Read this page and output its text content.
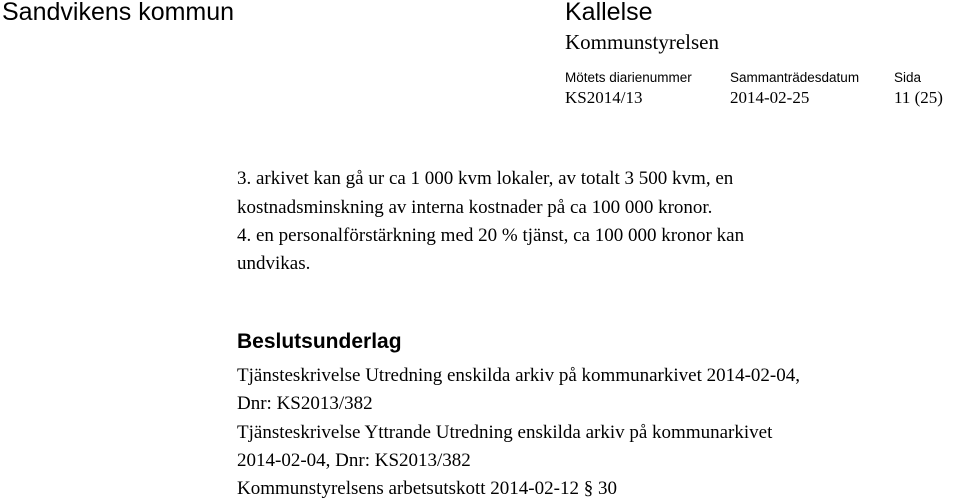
Sandvikens kommun	Kallelse
Kommunstyrelsen
Mötets diarienummer	Sammanträdesdatum	Sida
KS2014/13	2014-02-25	11 (25)
3. arkivet kan gå ur ca 1 000 kvm lokaler, av totalt 3 500 kvm, en
kostnadsminskning av interna kostnader på ca 100 000 kronor.
4. en personalförstärkning med 20 % tjänst, ca 100 000 kronor kan
undvikas.
Beslutsunderlag
Tjänsteskrivelse Utredning enskilda arkiv på kommunarkivet 2014-02-04,
Dnr: KS2013/382
Tjänsteskrivelse Yttrande Utredning enskilda arkiv på kommunarkivet
2014-02-04, Dnr: KS2013/382
Kommunstyrelsens arbetsutskott 2014-02-12 § 30
